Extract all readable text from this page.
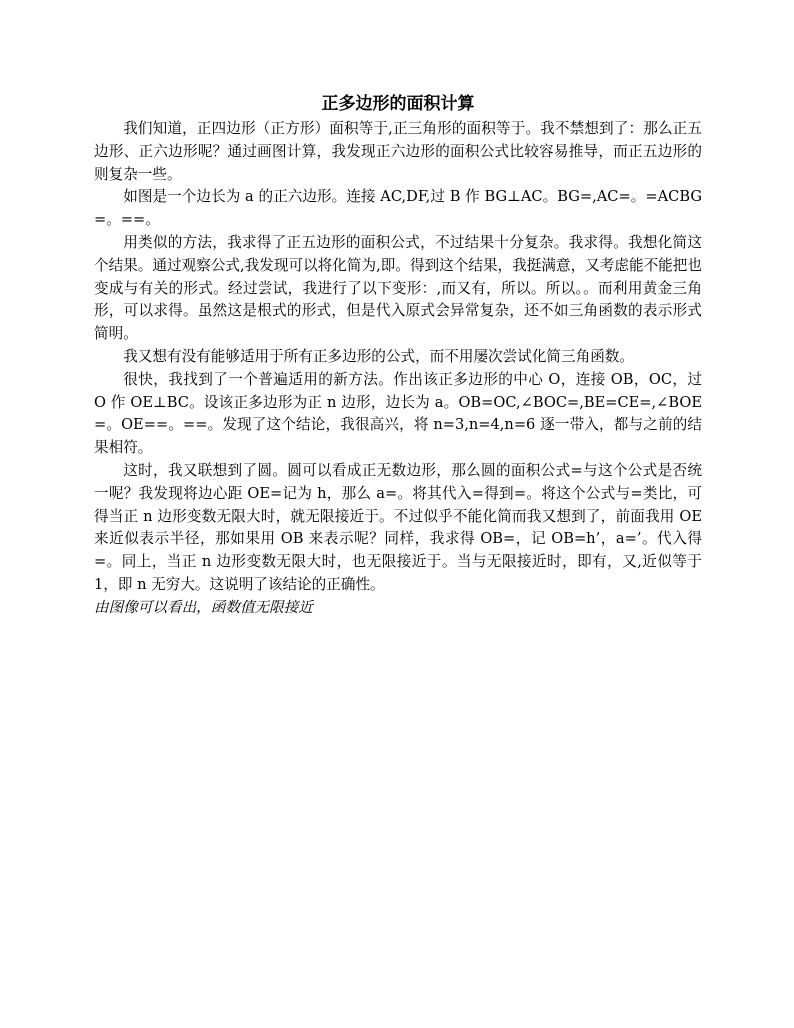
正多边形的面积计算

我们知道，正四边形（正方形）面积等于,正三角形的面积等于。我不禁想到了：那么正五边形、正六边形呢？通过画图计算，我发现正六边形的面积公式比较容易推导，而正五边形的则复杂一些。

如图是一个边长为 a 的正六边形。连接 AC,DF,过 B 作 BG⊥AC。BG=,AC=。=ACBG=。==。

用类似的方法，我求得了正五边形的面积公式，不过结果十分复杂。我求得。我想化简这个结果。通过观察公式,我发现可以将化简为,即。得到这个结果，我挺满意，又考虑能不能把也变成与有关的形式。经过尝试，我进行了以下变形：,而又有，所以。所以。。而利用黄金三角形，可以求得。虽然这是根式的形式，但是代入原式会异常复杂，还不如三角函数的表示形式简明。

我又想有没有能够适用于所有正多边形的公式，而不用屡次尝试化简三角函数。

很快，我找到了一个普遍适用的新方法。作出该正多边形的中心 O，连接 OB，OC，过 O 作 OE⊥BC。设该正多边形为正 n 边形，边长为 a。OB=OC,∠BOC=,BE=CE=,∠BOE=。OE==。==。发现了这个结论，我很高兴，将 n=3,n=4,n=6 逐一带入，都与之前的结果相符。

这时，我又联想到了圆。圆可以看成正无数边形，那么圆的面积公式=与这个公式是否统一呢？我发现将边心距 OE=记为 h，那么 a=。将其代入=得到=。将这个公式与=类比，可得当正 n 边形变数无限大时，就无限接近于。不过似乎不能化简而我又想到了，前面我用 OE 来近似表示半径，那如果用 OB 来表示呢？同样，我求得 OB=，记 OB=h’，a=’。代入得=。同上，当正 n 边形变数无限大时，也无限接近于。当与无限接近时，即有，又,近似等于 1，即 n 无穷大。这说明了该结论的正确性。

由图像可以看出，函数值无限接近
